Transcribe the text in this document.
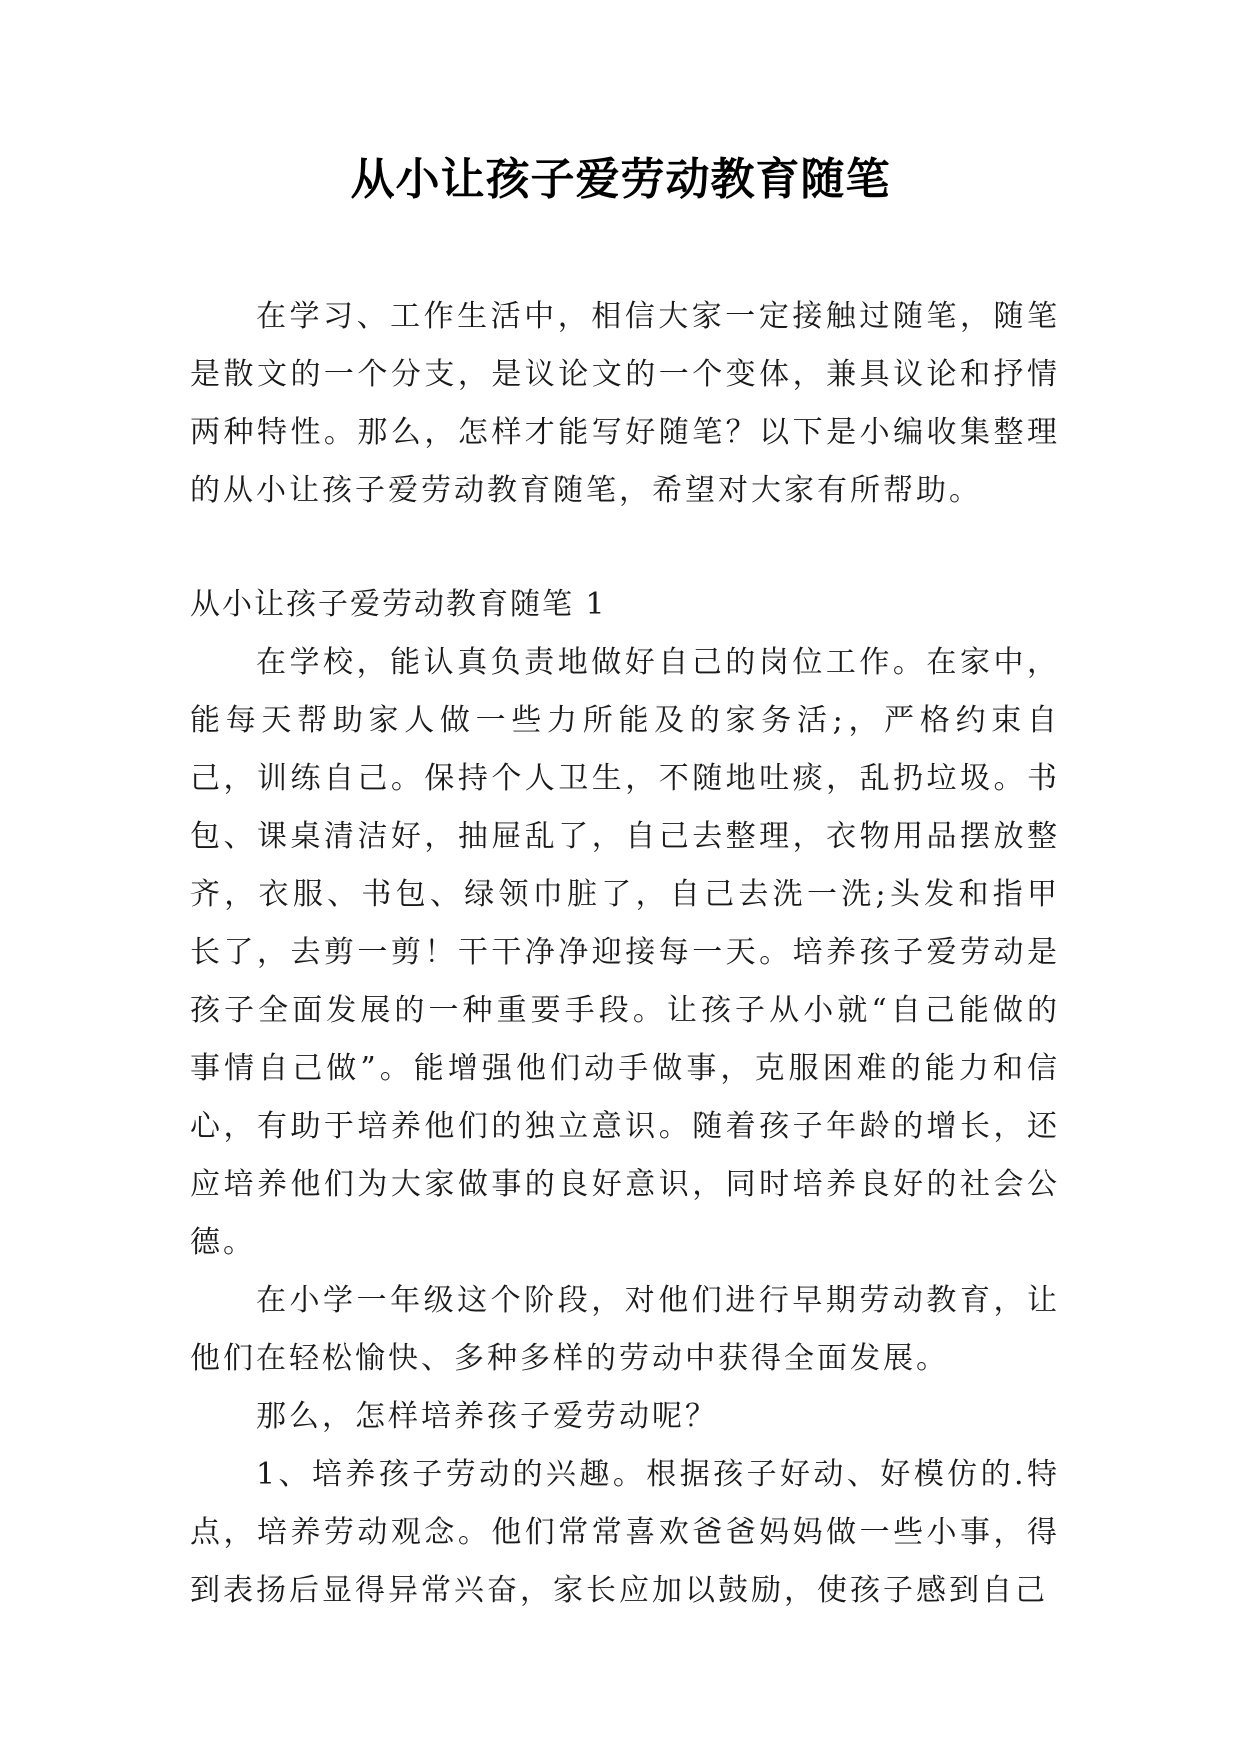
从小让孩子爱劳动教育随笔

在学习、工作生活中，相信大家一定接触过随笔，随笔是散文的一个分支，是议论文的一个变体，兼具议论和抒情两种特性。那么，怎样才能写好随笔？以下是小编收集整理的从小让孩子爱劳动教育随笔，希望对大家有所帮助。

从小让孩子爱劳动教育随笔 1

在学校，能认真负责地做好自己的岗位工作。在家中，能每天帮助家人做一些力所能及的家务活;，严格约束自己，训练自己。保持个人卫生，不随地吐痰，乱扔垃圾。书包、课桌清洁好，抽屉乱了，自己去整理，衣物用品摆放整齐，衣服、书包、绿领巾脏了，自己去洗一洗;头发和指甲长了，去剪一剪！干干净净迎接每一天。培养孩子爱劳动是孩子全面发展的一种重要手段。让孩子从小就“自己能做的事情自己做”。能增强他们动手做事，克服困难的能力和信心，有助于培养他们的独立意识。随着孩子年龄的增长，还应培养他们为大家做事的良好意识，同时培养良好的社会公德。

在小学一年级这个阶段，对他们进行早期劳动教育，让他们在轻松愉快、多种多样的劳动中获得全面发展。

那么，怎样培养孩子爱劳动呢？

1、培养孩子劳动的兴趣。根据孩子好动、好模仿的.特点，培养劳动观念。他们常常喜欢爸爸妈妈做一些小事，得到表扬后显得异常兴奋，家长应加以鼓励，使孩子感到自己
